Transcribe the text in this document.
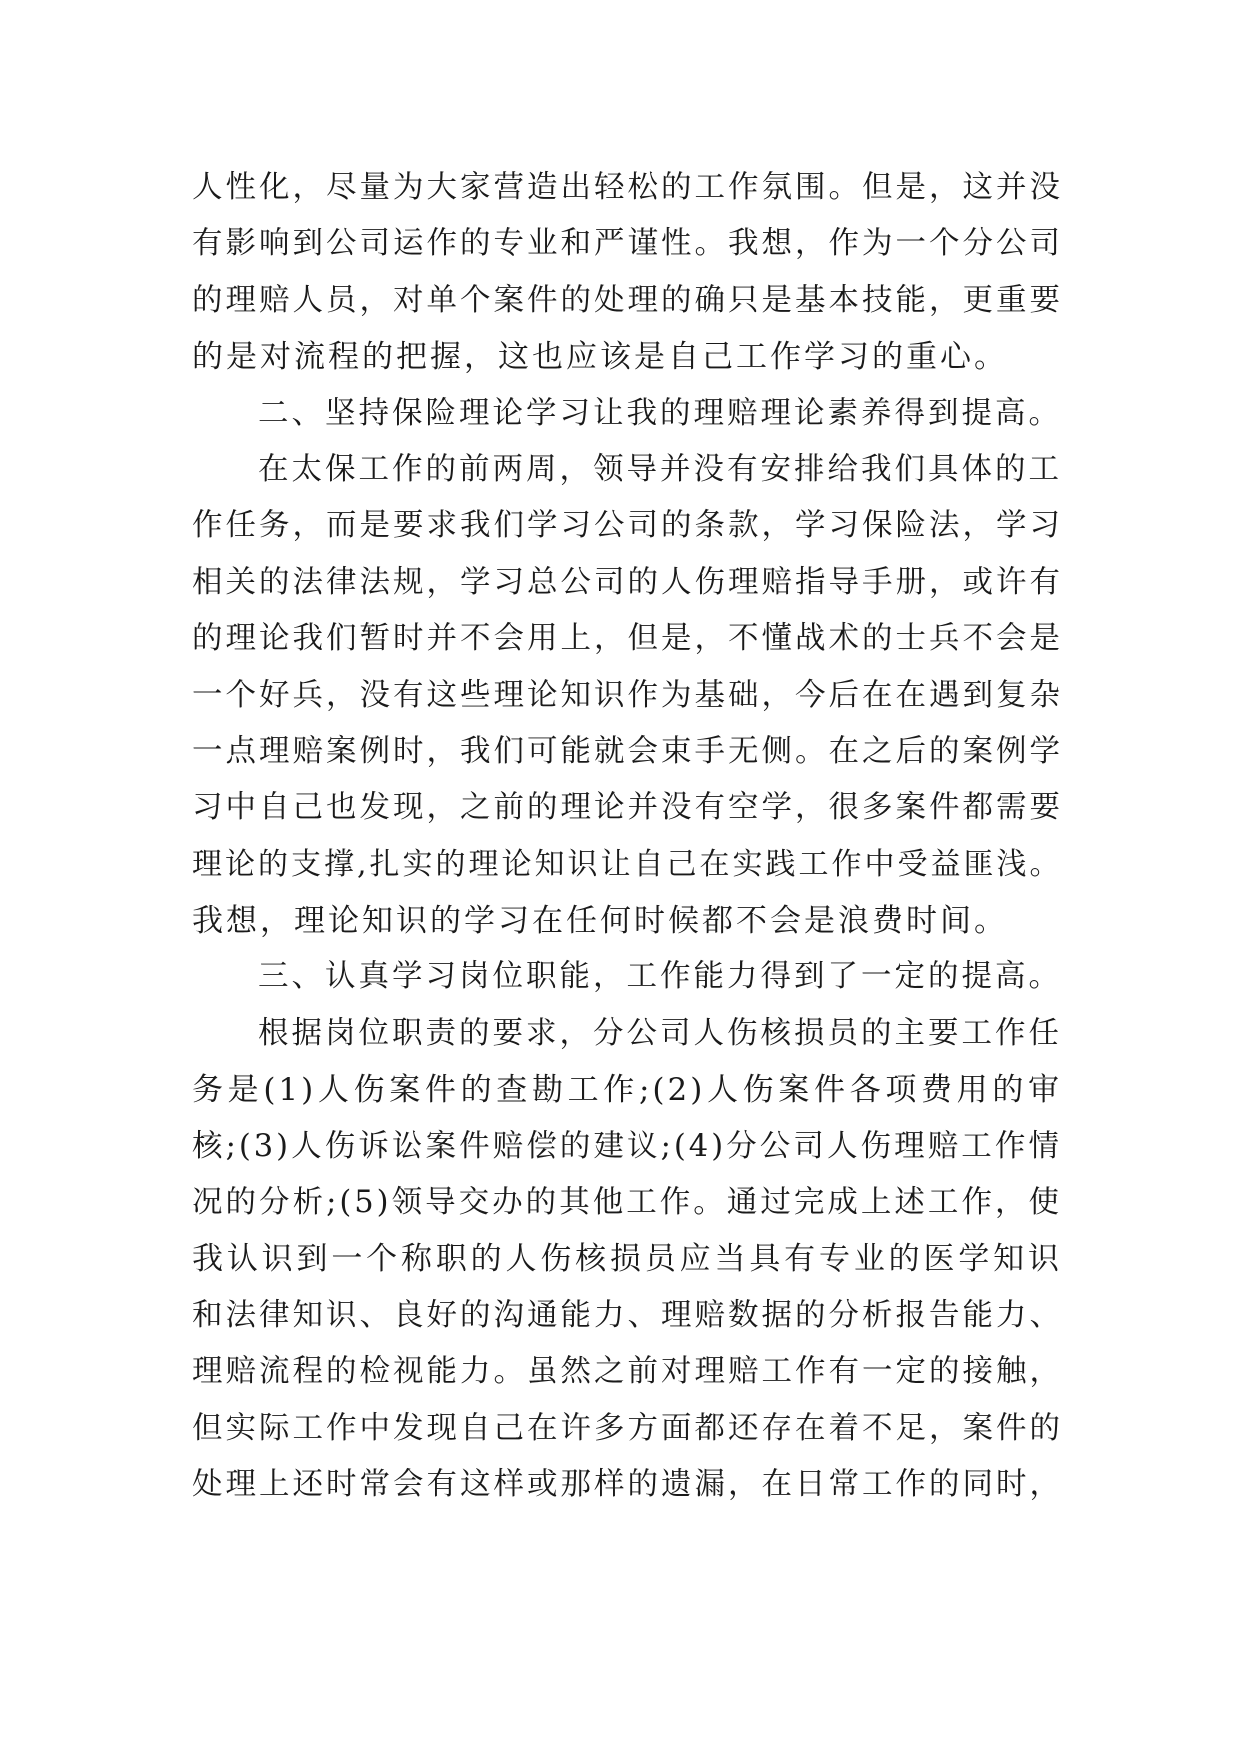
人性化，尽量为大家营造出轻松的工作氛围。但是，这并没
有影响到公司运作的专业和严谨性。我想，作为一个分公司
的理赔人员，对单个案件的处理的确只是基本技能，更重要
的是对流程的把握，这也应该是自己工作学习的重心。
二、坚持保险理论学习让我的理赔理论素养得到提高。
在太保工作的前两周，领导并没有安排给我们具体的工
作任务，而是要求我们学习公司的条款，学习保险法，学习
相关的法律法规，学习总公司的人伤理赔指导手册，或许有
的理论我们暂时并不会用上，但是，不懂战术的士兵不会是
一个好兵，没有这些理论知识作为基础，今后在在遇到复杂
一点理赔案例时，我们可能就会束手无侧。在之后的案例学
习中自己也发现，之前的理论并没有空学，很多案件都需要
理论的支撑,扎实的理论知识让自己在实践工作中受益匪浅。
我想，理论知识的学习在任何时候都不会是浪费时间。
三、认真学习岗位职能，工作能力得到了一定的提高。
根据岗位职责的要求，分公司人伤核损员的主要工作任
务是(1)人伤案件的查勘工作;(2)人伤案件各项费用的审
核;(3)人伤诉讼案件赔偿的建议;(4)分公司人伤理赔工作情
况的分析;(5)领导交办的其他工作。通过完成上述工作，使
我认识到一个称职的人伤核损员应当具有专业的医学知识
和法律知识、良好的沟通能力、理赔数据的分析报告能力、
理赔流程的检视能力。虽然之前对理赔工作有一定的接触，
但实际工作中发现自己在许多方面都还存在着不足，案件的
处理上还时常会有这样或那样的遗漏，在日常工作的同时，
